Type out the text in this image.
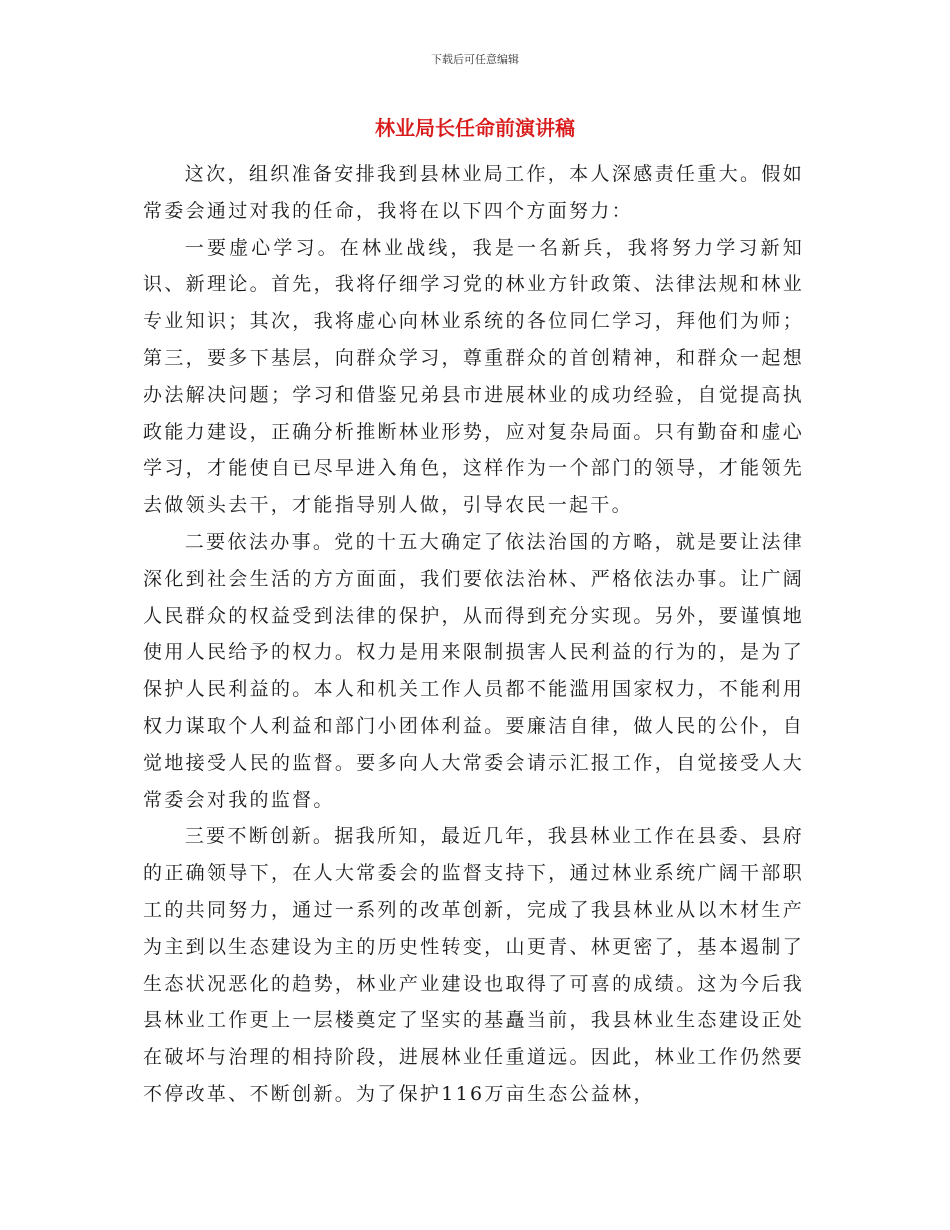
下载后可任意编辑
林业局长任命前演讲稿

这次，组织准备安排我到县林业局工作，本人深感责任重大。假如常委会通过对我的任命，我将在以下四个方面努力：

一要虚心学习。在林业战线，我是一名新兵，我将努力学习新知识、新理论。首先，我将仔细学习党的林业方针政策、法律法规和林业专业知识；其次，我将虚心向林业系统的各位同仁学习，拜他们为师；第三，要多下基层，向群众学习，尊重群众的首创精神，和群众一起想办法解决问题；学习和借鉴兄弟县市进展林业的成功经验，自觉提高执政能力建设，正确分析推断林业形势，应对复杂局面。只有勤奋和虚心学习，才能使自已尽早进入角色，这样作为一个部门的领导，才能领先去做领头去干，才能指导别人做，引导农民一起干。

二要依法办事。党的十五大确定了依法治国的方略，就是要让法律深化到社会生活的方方面面，我们要依法治林、严格依法办事。让广阔人民群众的权益受到法律的保护，从而得到充分实现。另外，要谨慎地使用人民给予的权力。权力是用来限制损害人民利益的行为的，是为了保护人民利益的。本人和机关工作人员都不能滥用国家权力，不能利用权力谋取个人利益和部门小团体利益。要廉洁自律，做人民的公仆，自觉地接受人民的监督。要多向人大常委会请示汇报工作，自觉接受人大常委会对我的监督。

三要不断创新。据我所知，最近几年，我县林业工作在县委、县府的正确领导下，在人大常委会的监督支持下，通过林业系统广阔干部职工的共同努力，通过一系列的改革创新，完成了我县林业从以木材生产为主到以生态建设为主的历史性转变，山更青、林更密了，基本遏制了生态状况恶化的趋势，林业产业建设也取得了可喜的成绩。这为今后我县林业工作更上一层楼奠定了坚实的基矗当前，我县林业生态建设正处在破坏与治理的相持阶段，进展林业任重道远。因此，林业工作仍然要不停改革、不断创新。为了保护116万亩生态公益林，
